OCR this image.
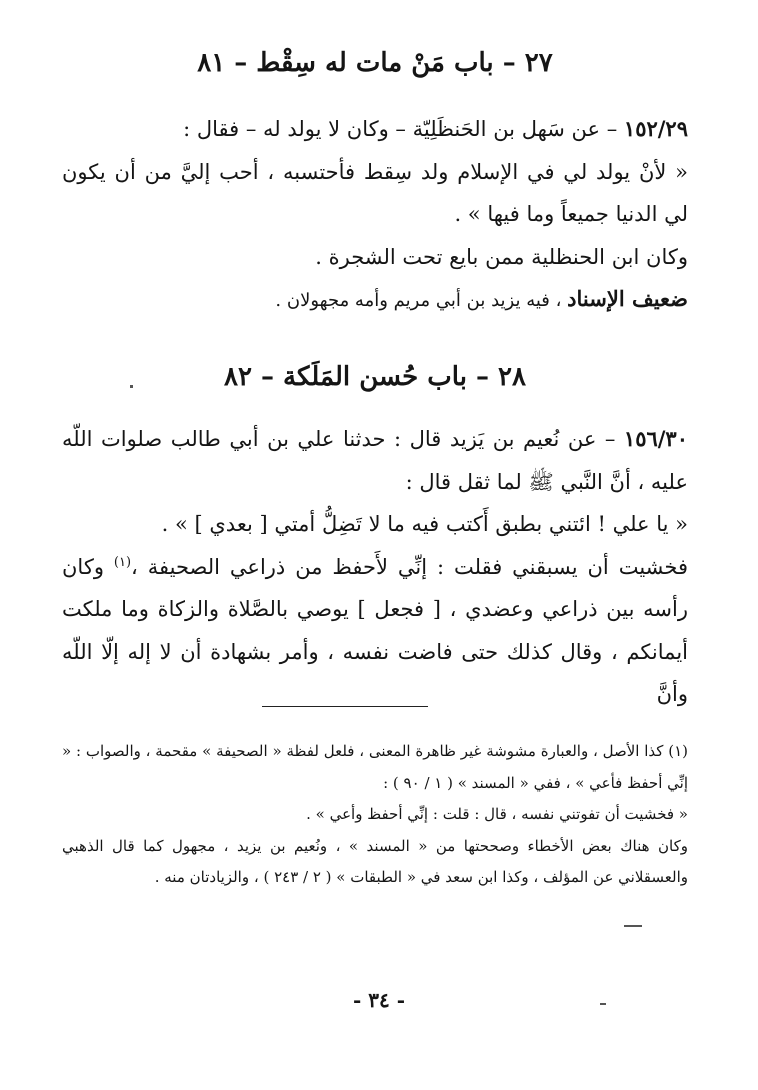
٢٧ – باب مَنْ مات له سِقْط – ٨١

١٥٢/٢٩ – عن سَهل بن الحَنظَلِيّة – وكان لا يولد له – فقال :

« لأنْ يولد لي في الإسلام ولد سِقط فأحتسبه ، أحب إليَّ من أن يكون لي الدنيا جميعاً وما فيها » .

وكان ابن الحنظلية ممن بايع تحت الشجرة .

ضعيف الإسناد ، فيه يزيد بن أبي مريم وأمه مجهولان .

٢٨ – باب حُسن المَلَكة – ٨٢

١٥٦/٣٠ – عن نُعيم بن يَزيد قال : حدثنا علي بن أبي طالب صلوات اللّه عليه ، أنَّ النَّبي ﷺ لما ثقل قال :

« يا علي ! ائتني بطبق أَكتب فيه ما لا تَضِلُّ أمتي [ بعدي ] » .

فخشيت أن يسبقني فقلت : إنِّي لأَحفظ من ذراعي الصحيفة ،$^{(١)}$ وكان رأسه بين ذراعي وعضدي ، [ فجعل ] يوصي بالصَّلاة والزكاة وما ملكت أيمانكم ، وقال كذلك حتى فاضت نفسه ، وأمر بشهادة أن لا إله إلّا اللّه وأنَّ

(١) كذا الأصل ، والعبارة مشوشة غير ظاهرة المعنى ، فلعل لفظة « الصحيفة » مقحمة ، والصواب : « إنِّي أحفظ فأعي » ، ففي « المسند » ( ١ / ٩٠ ) :

« فخشيت أن تفوتني نفسه ، قال : قلت : إنِّي أحفظ وأعي » .

وكان هناك بعض الأخطاء وصححتها من « المسند » ، ونُعيم بن يزيد ، مجهول كما قال الذهبي والعسقلاني عن المؤلف ، وكذا ابن سعد في « الطبقات » ( ٢ / ٢٤٣ ) ، والزيادتان منه .

- ٣٤ -
